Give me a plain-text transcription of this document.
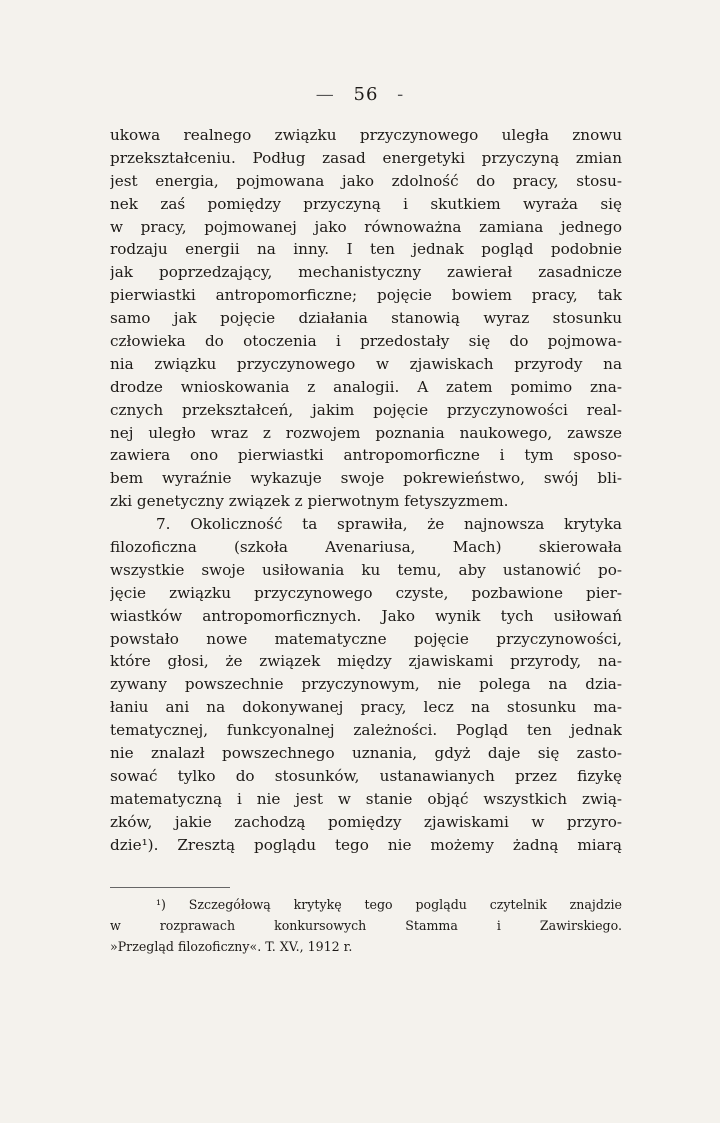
— 56 -
ukowa realnego związku przyczynowego uległa znowu
przekształceniu. Podług zasad energetyki przyczyną zmian
jest energia, pojmowana jako zdolność do pracy, stosu-
nek zaś pomiędzy przyczyną i skutkiem wyraża się
w pracy, pojmowanej jako równoważna zamiana jednego
rodzaju energii na inny. I ten jednak pogląd podobnie
jak poprzedzający, mechanistyczny zawierał zasadnicze
pierwiastki antropomorficzne; pojęcie bowiem pracy, tak
samo jak pojęcie działania stanowią wyraz stosunku
człowieka do otoczenia i przedostały się do pojmowa-
nia związku przyczynowego w zjawiskach przyrody na
drodze wnioskowania z analogii. A zatem pomimo zna-
cznych przekształceń, jakim pojęcie przyczynowości real-
nej uległo wraz z rozwojem poznania naukowego, zawsze
zawiera ono pierwiastki antropomorficzne i tym sposo-
bem wyraźnie wykazuje swoje pokrewieństwo, swój bli-
zki genetyczny związek z pierwotnym fetyszyzmem.
7. Okoliczność ta sprawiła, że najnowsza krytyka
filozoficzna (szkoła Avenariusa, Mach) skierowała
wszystkie swoje usiłowania ku temu, aby ustanowić po-
jęcie związku przyczynowego czyste, pozbawione pier-
wiastków antropomorficznych. Jako wynik tych usiłowań
powstało nowe matematyczne pojęcie przyczynowości,
które głosi, że związek między zjawiskami przyrody, na-
zywany powszechnie przyczynowym, nie polega na dzia-
łaniu ani na dokonywanej pracy, lecz na stosunku ma-
tematycznej, funkcyonalnej zależności. Pogląd ten jednak
nie znalazł powszechnego uznania, gdyż daje się zasto-
sować tylko do stosunków, ustanawianych przez fizykę
matematyczną i nie jest w stanie objąć wszystkich zwią-
zków, jakie zachodzą pomiędzy zjawiskami w przyro-
dzie¹). Zresztą poglądu tego nie możemy żadną miarą
¹) Szczegółową krytykę tego poglądu czytelnik znajdzie
w rozprawach konkursowych Stamma i Zawirskiego.
»Przegląd filozoficzny«. T. XV., 1912 r.
